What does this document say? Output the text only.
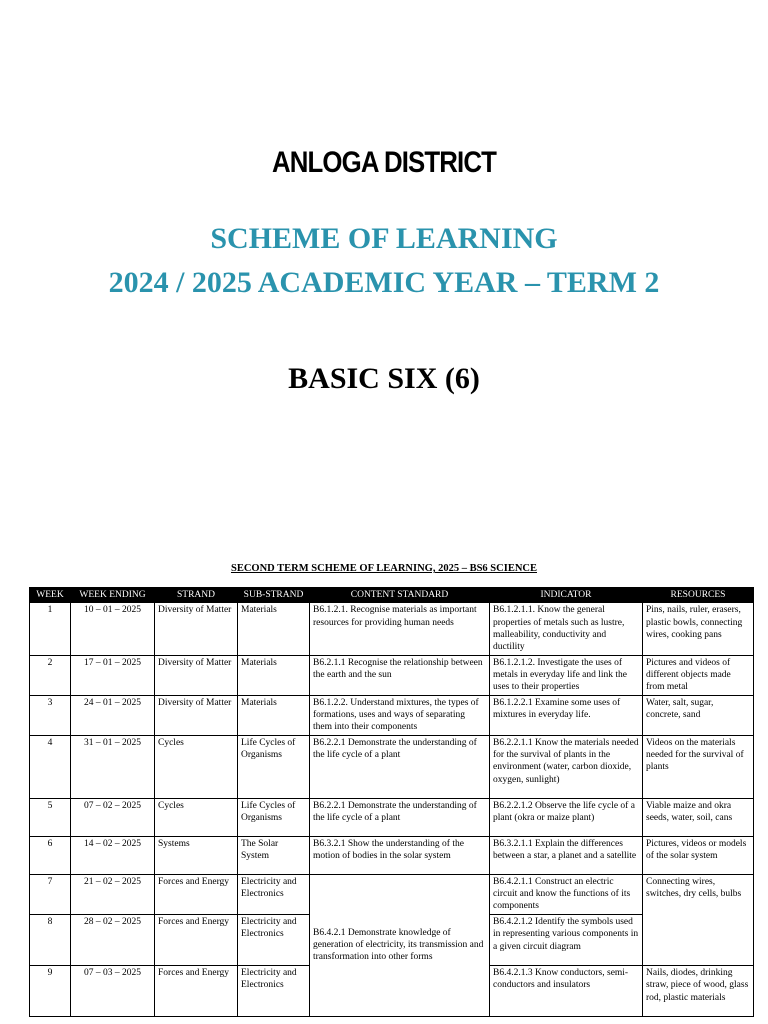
ANLOGA DISTRICT
SCHEME OF LEARNING
2024 / 2025 ACADEMIC YEAR – TERM 2
BASIC SIX (6)
SECOND TERM SCHEME OF LEARNING, 2025 – BS6 SCIENCE
WEEK	WEEK ENDING	STRAND	SUB-STRAND	CONTENT STANDARD	INDICATOR	RESOURCES
1	10 – 01 – 2025	Diversity of Matter	Materials	B6.1.2.1. Recognise materials as important resources for providing human needs	B6.1.2.1.1. Know the general properties of metals such as lustre, malleability, conductivity and ductility	Pins, nails, ruler, erasers, plastic bowls, connecting wires, cooking pans
2	17 – 01 – 2025	Diversity of Matter	Materials	B6.2.1.1 Recognise the relationship between the earth and the sun	B6.1.2.1.2. Investigate the uses of metals in everyday life and link the uses to their properties	Pictures and videos of different objects made from metal
3	24 – 01 – 2025	Diversity of Matter	Materials	B6.1.2.2. Understand mixtures, the types of formations, uses and ways of separating them into their components	B6.1.2.2.1 Examine some uses of mixtures in everyday life.	Water, salt, sugar, concrete, sand
4	31 – 01 – 2025	Cycles	Life Cycles of Organisms	B6.2.2.1 Demonstrate the understanding of the life cycle of a plant	B6.2.2.1.1 Know the materials needed for the survival of plants in the environment (water, carbon dioxide, oxygen, sunlight)	Videos on the materials needed for the survival of plants
5	07 – 02 – 2025	Cycles	Life Cycles of Organisms	B6.2.2.1 Demonstrate the understanding of the life cycle of a plant	B6.2.2.1.2 Observe the life cycle of a plant (okra or maize plant)	Viable maize and okra seeds, water, soil, cans
6	14 – 02 – 2025	Systems	The Solar System	B6.3.2.1 Show the understanding of the motion of bodies in the solar system	B6.3.2.1.1 Explain the differences between a star, a planet and a satellite	Pictures, videos or models of the solar system
7	21 – 02 – 2025	Forces and Energy	Electricity and Electronics	B6.4.2.1 Demonstrate knowledge of generation of electricity, its transmission and transformation into other forms	B6.4.2.1.1 Construct an electric circuit and know the functions of its components	Connecting wires, switches, dry cells, bulbs
8	28 – 02 – 2025	Forces and Energy	Electricity and Electronics		B6.4.2.1.2 Identify the symbols used in representing various components in a given circuit diagram	
9	07 – 03 – 2025	Forces and Energy	Electricity and Electronics		B6.4.2.1.3 Know conductors, semi-conductors and insulators	Nails, diodes, drinking straw, piece of wood, glass rod, plastic materials
